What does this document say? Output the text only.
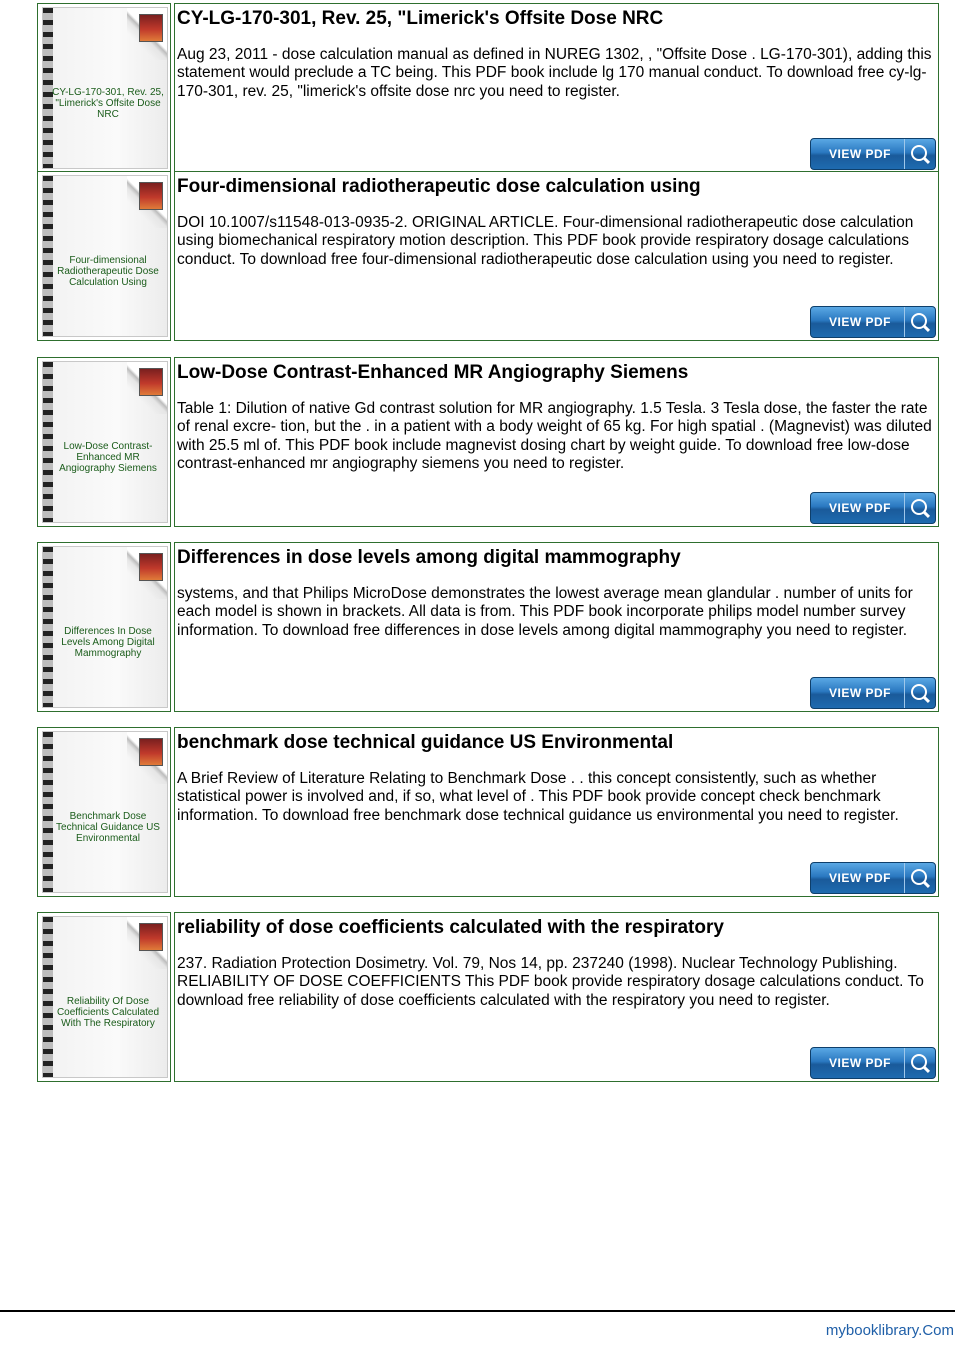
CY-LG-170-301, Rev. 25, "Limerick's Offsite Dose NRC
CY-LG-170-301, Rev. 25, "Limerick's Offsite Dose NRC
Aug 23, 2011 - dose calculation manual as defined in NUREG 1302, , "Offsite Dose . LG-170-301), adding this statement would preclude a TC being. This PDF book include lg 170 manual conduct. To download free cy-lg-170-301, rev. 25, "limerick's offsite dose nrc you need to register.
VIEW PDF
Four-dimensional Radiotherapeutic Dose Calculation Using
Four-dimensional radiotherapeutic dose calculation using
DOI 10.1007/s11548-013-0935-2. ORIGINAL ARTICLE. Four-dimensional radiotherapeutic dose calculation using biomechanical respiratory motion description. This PDF book provide respiratory dosage calculations conduct. To download free four-dimensional radiotherapeutic dose calculation using you need to register.
VIEW PDF
Low-Dose Contrast-Enhanced MR Angiography Siemens
Low-Dose Contrast-Enhanced MR Angiography Siemens
Table 1: Dilution of native Gd contrast solution for MR angiography. 1.5 Tesla. 3 Tesla dose, the faster the rate of renal excre- tion, but the . in a patient with a body weight of 65 kg. For high spatial . (Magnevist) was diluted with 25.5 ml of. This PDF book include magnevist dosing chart by weight guide. To download free low-dose contrast-enhanced mr angiography siemens you need to register.
VIEW PDF
Differences In Dose Levels Among Digital Mammography
Differences in dose levels among digital mammography
systems, and that Philips MicroDose demonstrates the lowest average mean glandular . number of units for each model is shown in brackets. All data is from. This PDF book incorporate philips model number survey information. To download free differences in dose levels among digital mammography you need to register.
VIEW PDF
Benchmark Dose Technical Guidance US Environmental
benchmark dose technical guidance US Environmental
A Brief Review of Literature Relating to Benchmark Dose . . this concept consistently, such as whether statistical power is involved and, if so, what level of . This PDF book provide concept check benchmark information. To download free benchmark dose technical guidance us environmental you need to register.
VIEW PDF
Reliability Of Dose Coefficients Calculated With The Respiratory
reliability of dose coefficients calculated with the respiratory
237. Radiation Protection Dosimetry. Vol. 79, Nos 14, pp. 237240 (1998). Nuclear Technology Publishing. RELIABILITY OF DOSE COEFFICIENTS This PDF book provide respiratory dosage calculations conduct. To download free reliability of dose coefficients calculated with the respiratory you need to register.
VIEW PDF
mybooklibrary.Com
